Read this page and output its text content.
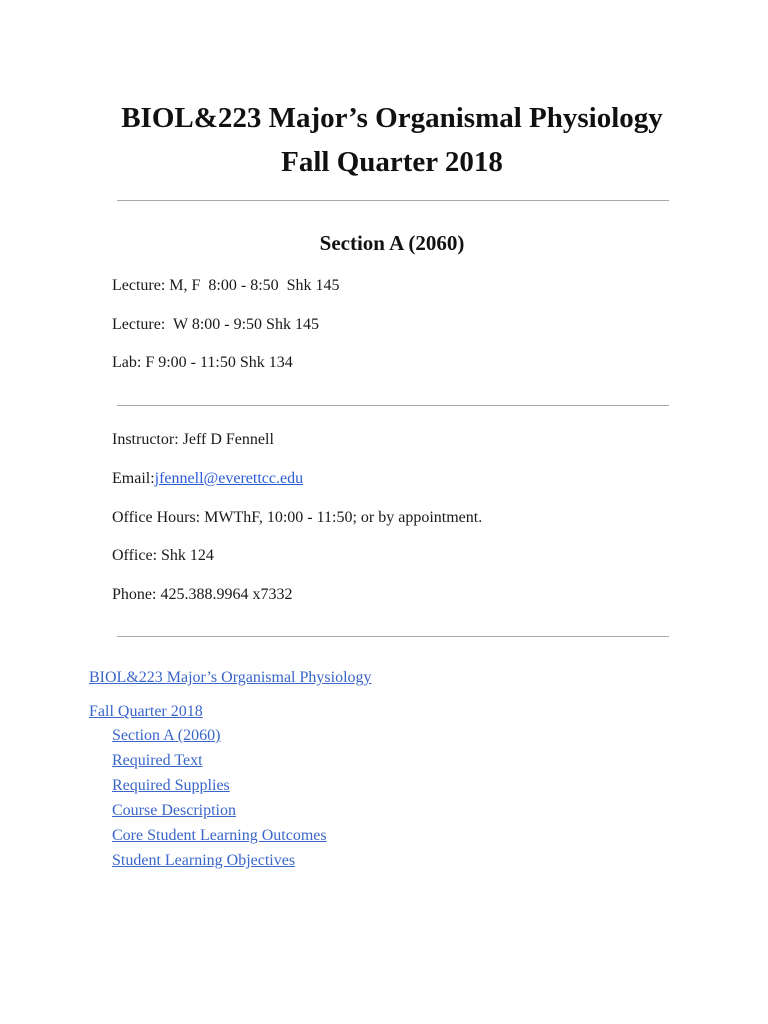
BIOL&223 Major’s Organismal Physiology
Fall Quarter 2018
Section A (2060)
Lecture: M, F  8:00 - 8:50  Shk 145
Lecture:  W 8:00 - 9:50 Shk 145
Lab: F 9:00 - 11:50 Shk 134
Instructor: Jeff D Fennell
Email:jfennell@everettcc.edu
Office Hours: MWThF, 10:00 - 11:50; or by appointment.
Office: Shk 124
Phone: 425.388.9964 x7332
BIOL&223 Major’s Organismal Physiology
Fall Quarter 2018
Section A (2060)
Required Text
Required Supplies
Course Description
Core Student Learning Outcomes
Student Learning Objectives
